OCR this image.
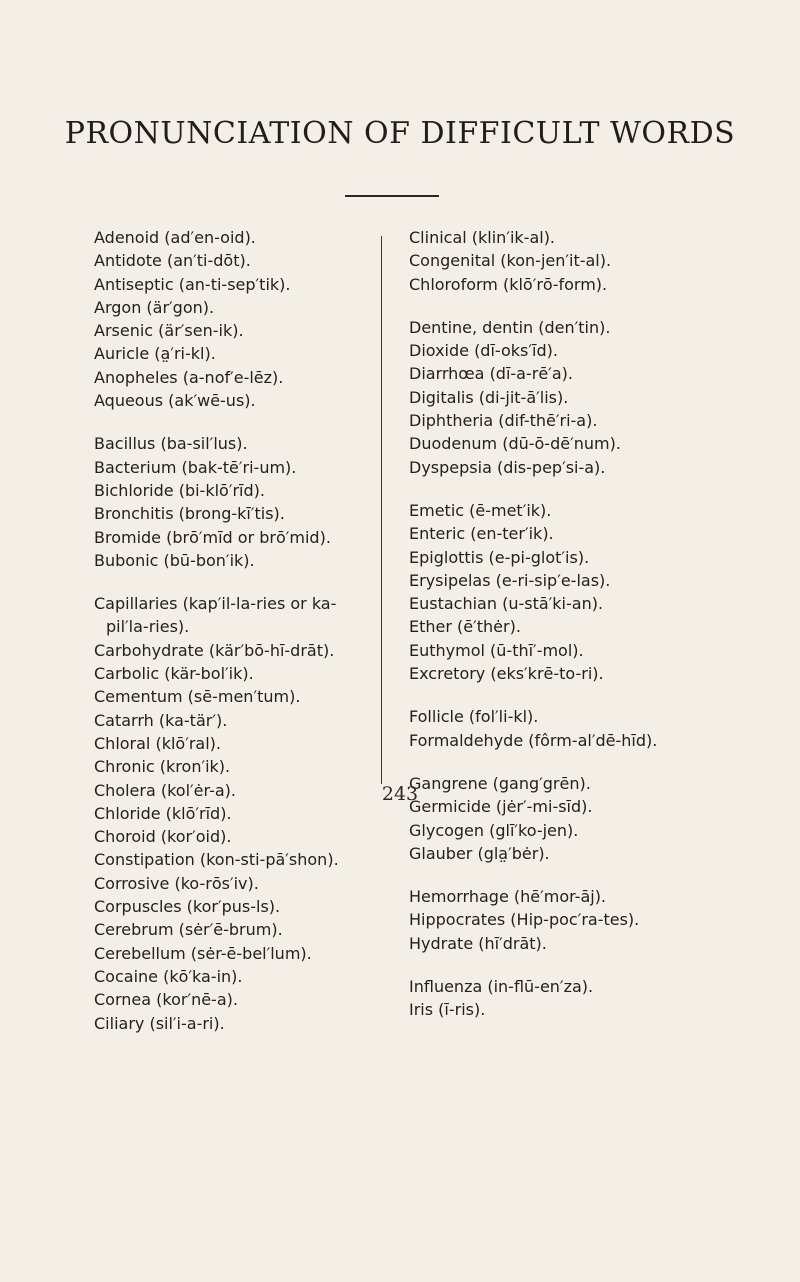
PRONUNCIATION OF DIFFICULT WORDS
Adenoid (ad′en-oid).
Antidote (an′ti-dōt).
Antiseptic (an-ti-sep′tik).
Argon (är′gon).
Arsenic (är′sen-ik).
Auricle (a̤′ri-kl).
Anopheles (a-nof′e-lēz).
Aqueous (ak′wē-us).
Bacillus (ba-sil′lus).
Bacterium (bak-tē′ri-um).
Bichloride (bi-klō′rīd).
Bronchitis (brong-kī′tis).
Bromide (brō′mīd or brō′mid).
Bubonic (bū-bon′ik).
Capillaries (kap′il-la-ries or ka-pil′la-ries).
Carbohydrate (kär′bō-hī-drāt).
Carbolic (kär-bol′ik).
Cementum (sē-men′tum).
Catarrh (ka-tär′).
Chloral (klō′ral).
Chronic (kron′ik).
Cholera (kol′ėr-a).
Chloride (klō′rīd).
Choroid (kor′oid).
Constipation (kon-sti-pā′shon).
Corrosive (ko-rōs′iv).
Corpuscles (kor′pus-ls).
Cerebrum (sėr′ē-brum).
Cerebellum (sėr-ē-bel′lum).
Cocaine (kō′ka-in).
Cornea (kor′nē-a).
Ciliary (sil′i-a-ri).
Clinical (klin′ik-al).
Congenital (kon-jen′it-al).
Chloroform (klō′rō-form).
Dentine, dentin (den′tin).
Dioxide (dī-oks′īd).
Diarrhœa (dī-a-rē′a).
Digitalis (di-jit-ā′lis).
Diphtheria (dif-thē′ri-a).
Duodenum (dū-ō-dē′num).
Dyspepsia (dis-pep′si-a).
Emetic (ē-met′ik).
Enteric (en-ter′ik).
Epiglottis (e-pi-glot′is).
Erysipelas (e-ri-sip′e-las).
Eustachian (u-stā′ki-an).
Ether (ē′thėr).
Euthymol (ū-thī′-mol).
Excretory (eks′krē-to-ri).
Follicle (fol′li-kl).
Formaldehyde (fôrm-al′dē-hīd).
Gangrene (gang′grēn).
Germicide (jėr′-mi-sīd).
Glycogen (glī′ko-jen).
Glauber (gla̤′bėr).
Hemorrhage (hē′mor-āj).
Hippocrates (Hip-poc′ra-tes).
Hydrate (hī′drāt).
Influenza (in-flū-en′za).
Iris (ī-ris).
243
